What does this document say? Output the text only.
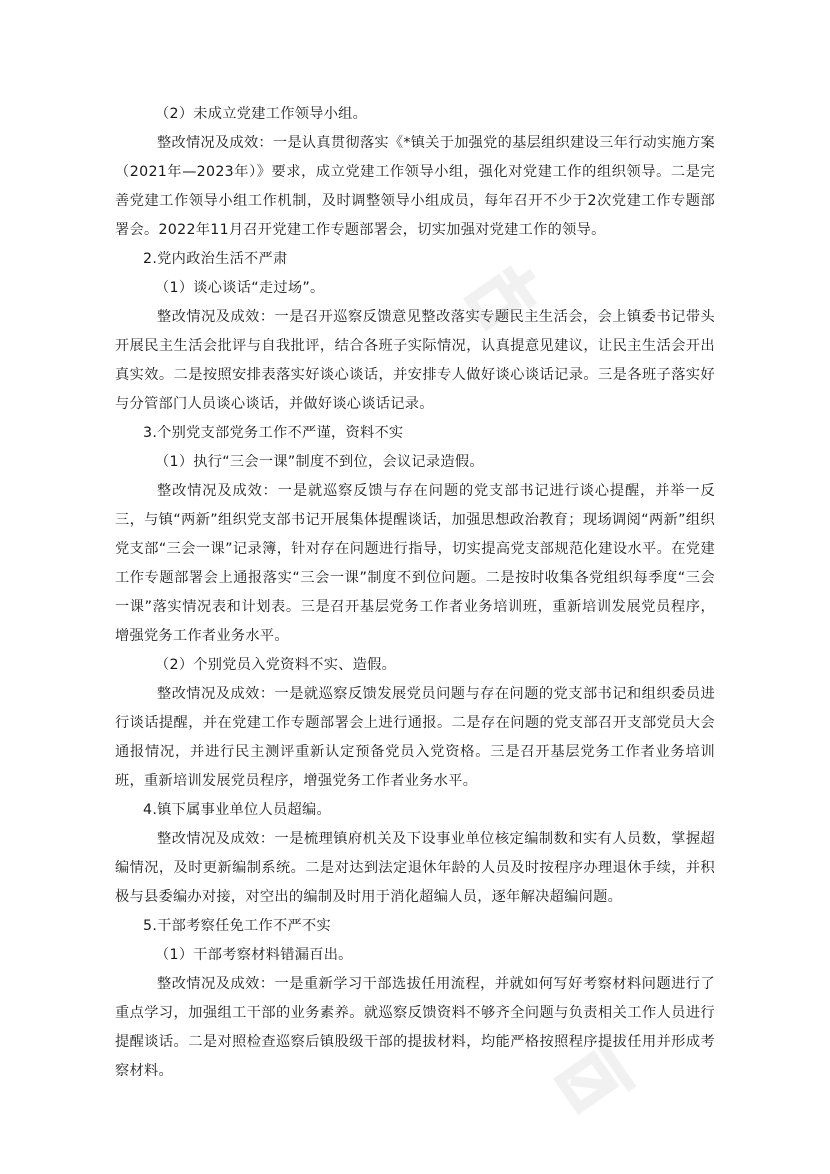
（2）未成立党建工作领导小组。

整改情况及成效：一是认真贯彻落实《*镇关于加强党的基层组织建设三年行动实施方案（2021年—2023年）》要求，成立党建工作领导小组，强化对党建工作的组织领导。二是完善党建工作领导小组工作机制，及时调整领导小组成员，每年召开不少于2次党建工作专题部署会。2022年11月召开党建工作专题部署会，切实加强对党建工作的领导。

2.党内政治生活不严肃

（1）谈心谈话“走过场”。

整改情况及成效：一是召开巡察反馈意见整改落实专题民主生活会，会上镇委书记带头开展民主生活会批评与自我批评，结合各班子实际情况，认真提意见建议，让民主生活会开出真实效。二是按照安排表落实好谈心谈话，并安排专人做好谈心谈话记录。三是各班子落实好与分管部门人员谈心谈话，并做好谈心谈话记录。

3.个别党支部党务工作不严谨，资料不实

（1）执行“三会一课”制度不到位，会议记录造假。

整改情况及成效：一是就巡察反馈与存在问题的党支部书记进行谈心提醒，并举一反三，与镇“两新”组织党支部书记开展集体提醒谈话，加强思想政治教育；现场调阅“两新”组织党支部“三会一课”记录簿，针对存在问题进行指导，切实提高党支部规范化建设水平。在党建工作专题部署会上通报落实“三会一课”制度不到位问题。二是按时收集各党组织每季度“三会一课”落实情况表和计划表。三是召开基层党务工作者业务培训班，重新培训发展党员程序，增强党务工作者业务水平。

（2）个别党员入党资料不实、造假。

整改情况及成效：一是就巡察反馈发展党员问题与存在问题的党支部书记和组织委员进行谈话提醒，并在党建工作专题部署会上进行通报。二是存在问题的党支部召开支部党员大会通报情况，并进行民主测评重新认定预备党员入党资格。三是召开基层党务工作者业务培训班，重新培训发展党员程序，增强党务工作者业务水平。

4.镇下属事业单位人员超编。

整改情况及成效：一是梳理镇府机关及下设事业单位核定编制数和实有人员数，掌握超编情况，及时更新编制系统。二是对达到法定退休年龄的人员及时按程序办理退休手续，并积极与县委编办对接，对空出的编制及时用于消化超编人员，逐年解决超编问题。

5.干部考察任免工作不严不实

（1）干部考察材料错漏百出。

整改情况及成效：一是重新学习干部选拔任用流程，并就如何写好考察材料问题进行了重点学习，加强组工干部的业务素养。就巡察反馈资料不够齐全问题与负责相关工作人员进行提醒谈话。二是对照检查巡察后镇股级干部的提拔材料，均能严格按照程序提拔任用并形成考察材料。
